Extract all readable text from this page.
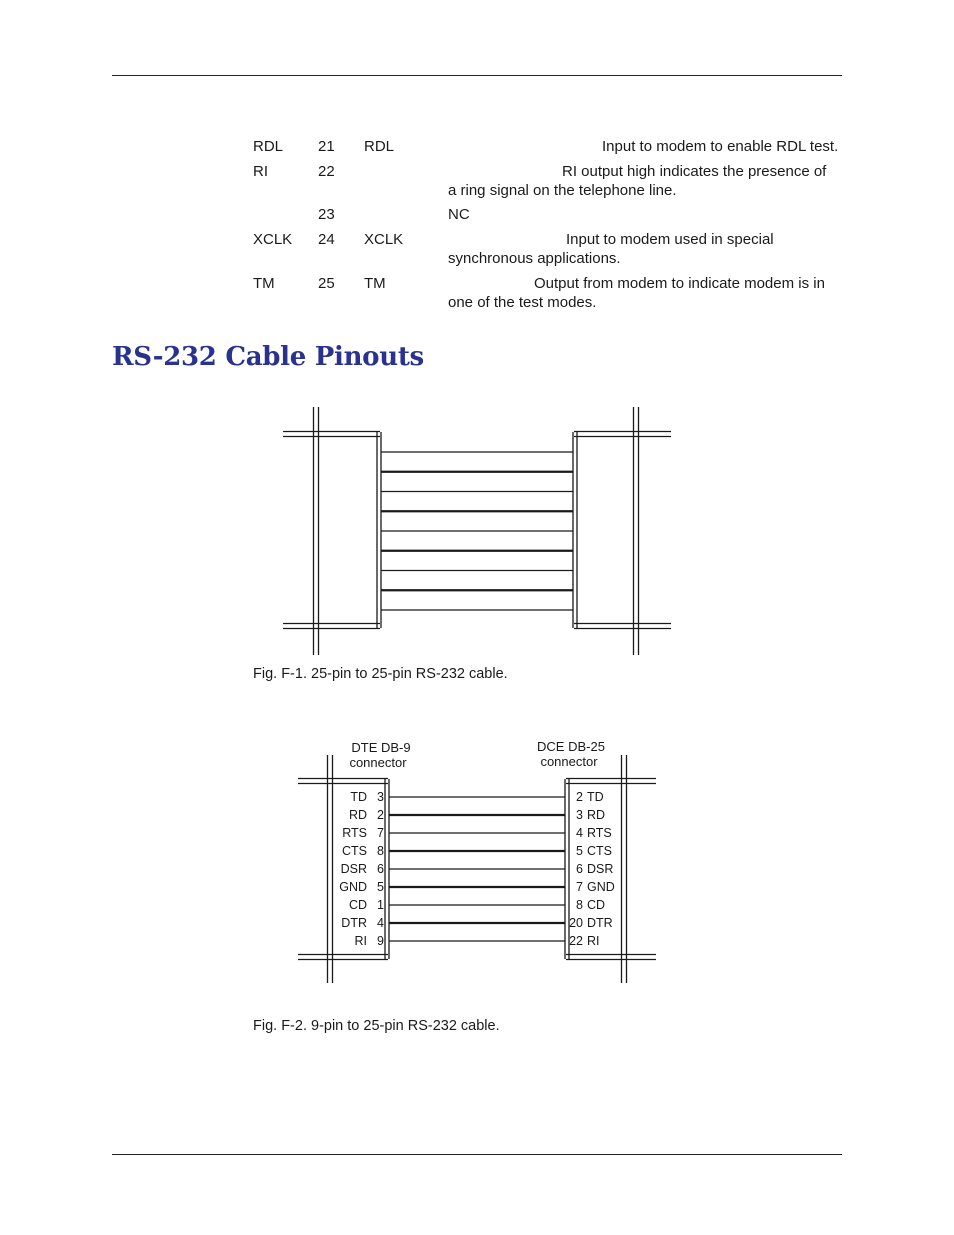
RDL 21 RDL	Input to modem to enable RDL test.
RI	22	RI output high indicates the presence of
a ring signal on the telephone line.
23	NC
XCLK 24 XCLK	Input to modem used in special
synchronous applications.
TM	25 TM	Output from modem to indicate modem is in
one of the test modes.
RS-232 Cable Pinouts
Fig. F-1. 25-pin to 25-pin RS-232 cable.
DTE DB-9
connector
DCE DB-25
connector
TD 3	2 TD
RD 2	3 RD
RTS 7	4 RTS
CTS 8	5 CTS
DSR 6	6 DSR
GND 5	7 GND
CD 1	8 CD
DTR 4	20 DTR
RI 9	22 RI
Fig. F-2. 9-pin to 25-pin RS-232 cable.
